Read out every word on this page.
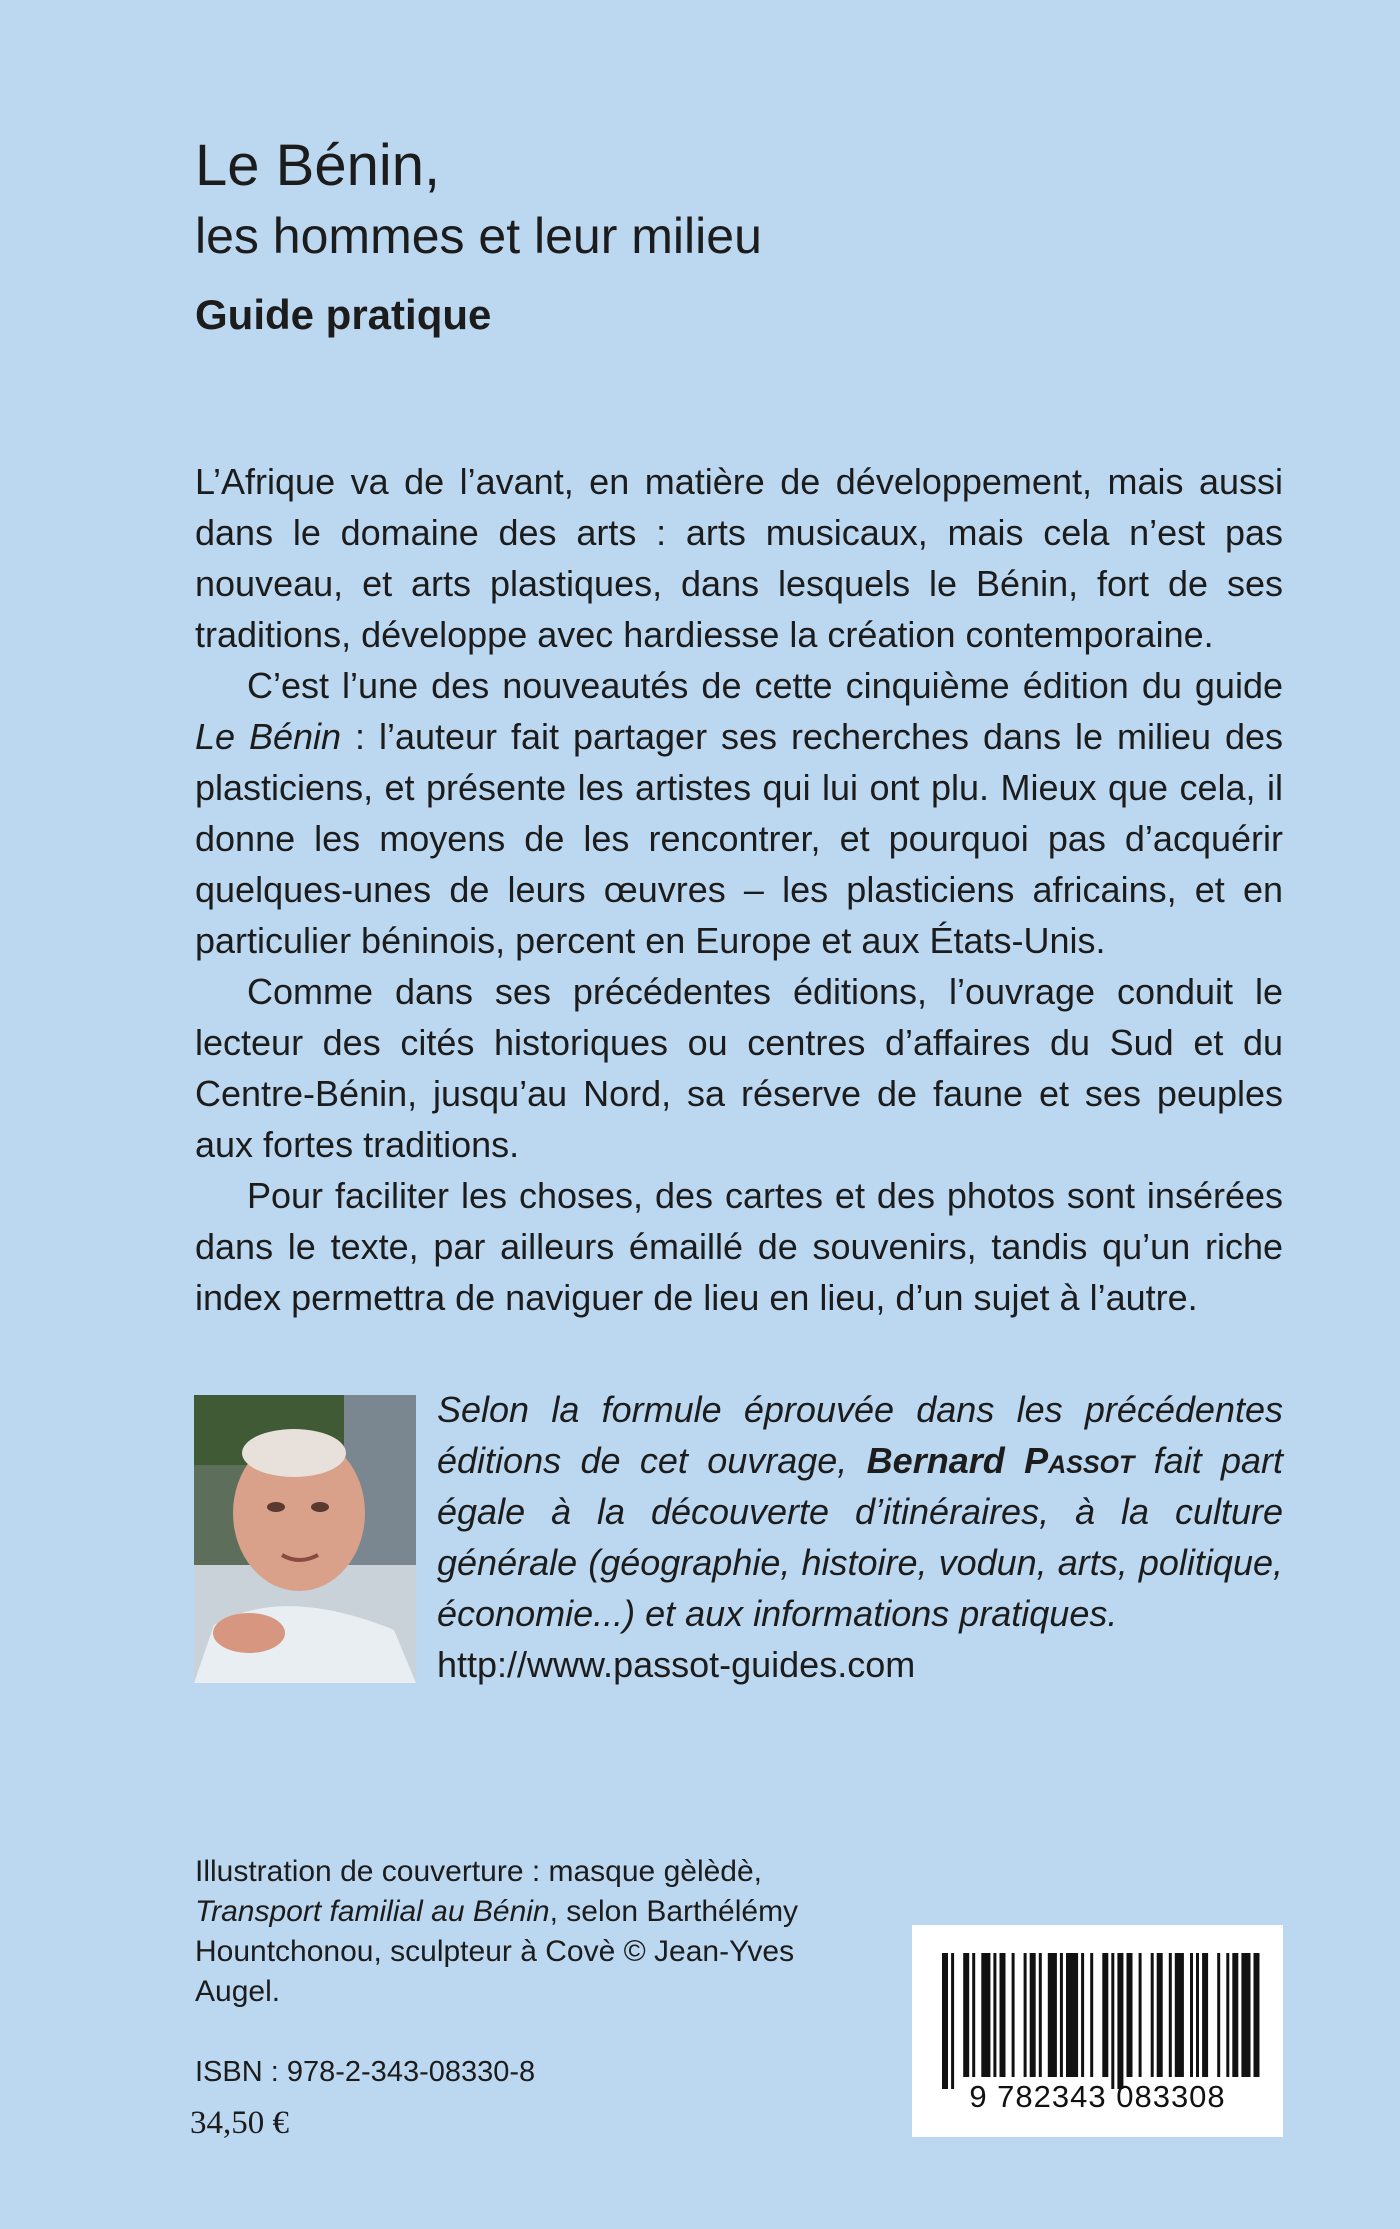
Le Bénin,
les hommes et leur milieu
Guide pratique

L’Afrique va de l’avant, en matière de développement, mais aussi dans le domaine des arts : arts musicaux, mais cela n’est pas nouveau, et arts plastiques, dans lesquels le Bénin, fort de ses traditions, développe avec hardiesse la création contemporaine.

C’est l’une des nouveautés de cette cinquième édition du guide Le Bénin : l’auteur fait partager ses recherches dans le milieu des plasticiens, et présente les artistes qui lui ont plu. Mieux que cela, il donne les moyens de les rencontrer, et pourquoi pas d’acquérir quelques-unes de leurs œuvres – les plasticiens africains, et en particulier béninois, percent en Europe et aux États-Unis.

Comme dans ses précédentes éditions, l’ouvrage conduit le lecteur des cités historiques ou centres d’affaires du Sud et du Centre-Bénin, jusqu’au Nord, sa réserve de faune et ses peuples aux fortes traditions.

Pour faciliter les choses, des cartes et des photos sont insérées dans le texte, par ailleurs émaillé de souvenirs, tandis qu’un riche index permettra de naviguer de lieu en lieu, d’un sujet à l’autre.

Selon la formule éprouvée dans les précédentes éditions de cet ouvrage, Bernard Passot fait part égale à la découverte d’itinéraires, à la culture générale (géographie, histoire, vodun, arts, politique, économie...) et aux informations pratiques.

http://www.passot-guides.com

Illustration de couverture : masque gèlèdè,
Transport familial au Bénin, selon Barthélémy Hountchonou, sculpteur à Covè © Jean-Yves Augel.

ISBN : 978-2-343-08330-8
34,50 €
9 782343 083308
